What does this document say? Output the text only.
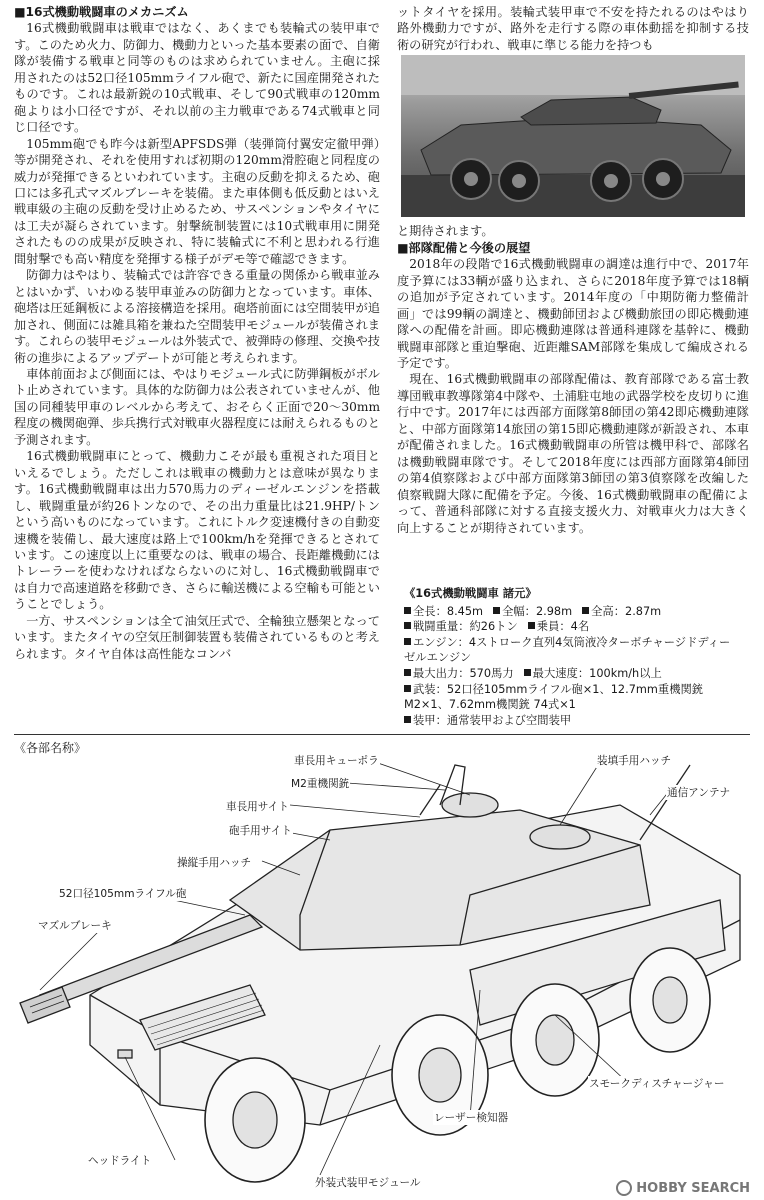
■16式機動戦闘車のメカニズム

16式機動戦闘車は戦車ではなく、あくまでも装輪式の装甲車です。このため火力、防御力、機動力といった基本要素の面で、自衛隊が装備する戦車と同等のものは求められていません。主砲に採用されたのは52口径105mmライフル砲で、新たに国産開発されたものです。これは最新鋭の10式戦車、そして90式戦車の120mm砲よりは小口径ですが、それ以前の主力戦車である74式戦車と同じ口径です。

105mm砲でも昨今は新型APFSDS弾（装弾筒付翼安定徹甲弾）等が開発され、それを使用すれば初期の120mm滑腔砲と同程度の威力が発揮できるといわれています。主砲の反動を抑えるため、砲口には多孔式マズルブレーキを装備。また車体側も低反動とはいえ戦車級の主砲の反動を受け止めるため、サスペンションやタイヤには工夫が凝らされています。射撃統制装置には10式戦車用に開発されたものの成果が反映され、特に装輪式に不利と思われる行進間射撃でも高い精度を発揮する様子がデモ等で確認できます。

防御力はやはり、装輪式では許容できる重量の関係から戦車並みとはいかず、いわゆる装甲車並みの防御力となっています。車体、砲塔は圧延鋼板による溶接構造を採用。砲塔前面には空間装甲が追加され、側面には雑具箱を兼ねた空間装甲モジュールが装備されます。これらの装甲モジュールは外装式で、被弾時の修理、交換や技術の進歩によるアップデートが可能と考えられます。

車体前面および側面には、やはりモジュール式に防弾鋼板がボルト止めされています。具体的な防御力は公表されていませんが、他国の同種装甲車のレベルから考えて、おそらく正面で20～30mm程度の機関砲弾、歩兵携行式対戦車火器程度には耐えられるものと予測されます。

16式機動戦闘車にとって、機動力こそが最も重視された項目といえるでしょう。ただしこれは戦車の機動力とは意味が異なります。16式機動戦闘車は出力570馬力のディーゼルエンジンを搭載し、戦闘重量が約26トンなので、その出力重量比は21.9HP/トンという高いものになっています。これにトルク変速機付きの自動変速機を装備し、最大速度は路上で100km/hを発揮できるとされています。この速度以上に重要なのは、戦車の場合、長距離機動にはトレーラーを使わなければならないのに対し、16式機動戦闘車では自力で高速道路を移動でき、さらに輸送機による空輸も可能ということでしょう。

一方、サスペンションは全て油気圧式で、全輪独立懸架となっています。またタイヤの空気圧制御装置も装備されているものと考えられます。タイヤ自体は高性能なコンバ

ットタイヤを採用。装輪式装甲車で不安を持たれるのはやはり路外機動力ですが、路外を走行する際の車体動揺を抑制する技術の研究が行われ、戦車に準じる能力を持つも

と期待されます。

■部隊配備と今後の展望

2018年の段階で16式機動戦闘車の調達は進行中で、2017年度予算には33輌が盛り込まれ、さらに2018年度予算では18輌の追加が予定されています。2014年度の「中期防衛力整備計画」では99輌の調達と、機動師団および機動旅団の即応機動連隊への配備を計画。即応機動連隊は普通科連隊を基幹に、機動戦闘車部隊と重迫撃砲、近距離SAM部隊を集成して編成される予定です。

現在、16式機動戦闘車の部隊配備は、教育部隊である富士教導団戦車教導隊第4中隊や、土浦駐屯地の武器学校を皮切りに進行中です。2017年には西部方面隊第8師団の第42即応機動連隊と、中部方面隊第14旅団の第15即応機動連隊が新設され、本車が配備されました。16式機動戦闘車の所管は機甲科で、部隊名は機動戦闘車隊です。そして2018年度には西部方面隊第4師団の第4偵察隊および中部方面隊第3師団の第3偵察隊を改編した偵察戦闘大隊に配備を予定。今後、16式機動戦闘車の配備によって、普通科部隊に対する直接支援火力、対戦車火力は大きく向上することが期待されています。

《16式機動戦闘車 諸元》
全長：8.45m	全幅：2.98m	全高：2.87m
戦闘重量：約26トン	乗員：4名
エンジン：4ストローク直列4気筒液冷ターボチャージドディーゼルエンジン
最大出力：570馬力	最大速度：100km/h以上
武装：52口径105mmライフル砲×1、12.7mm重機関銃 M2×1、7.62mm機関銃 74式×1
装甲：通常装甲および空間装甲
《各部名称》
車長用キューポラ
M2重機関銃
車長用サイト
砲手用サイト
操縦手用ハッチ
52口径105mmライフル砲
マズルブレーキ
装填手用ハッチ
通信アンテナ
スモークディスチャージャー
レーザー検知器
ヘッドライト
外装式装甲モジュール	HOBBY SEARCH
